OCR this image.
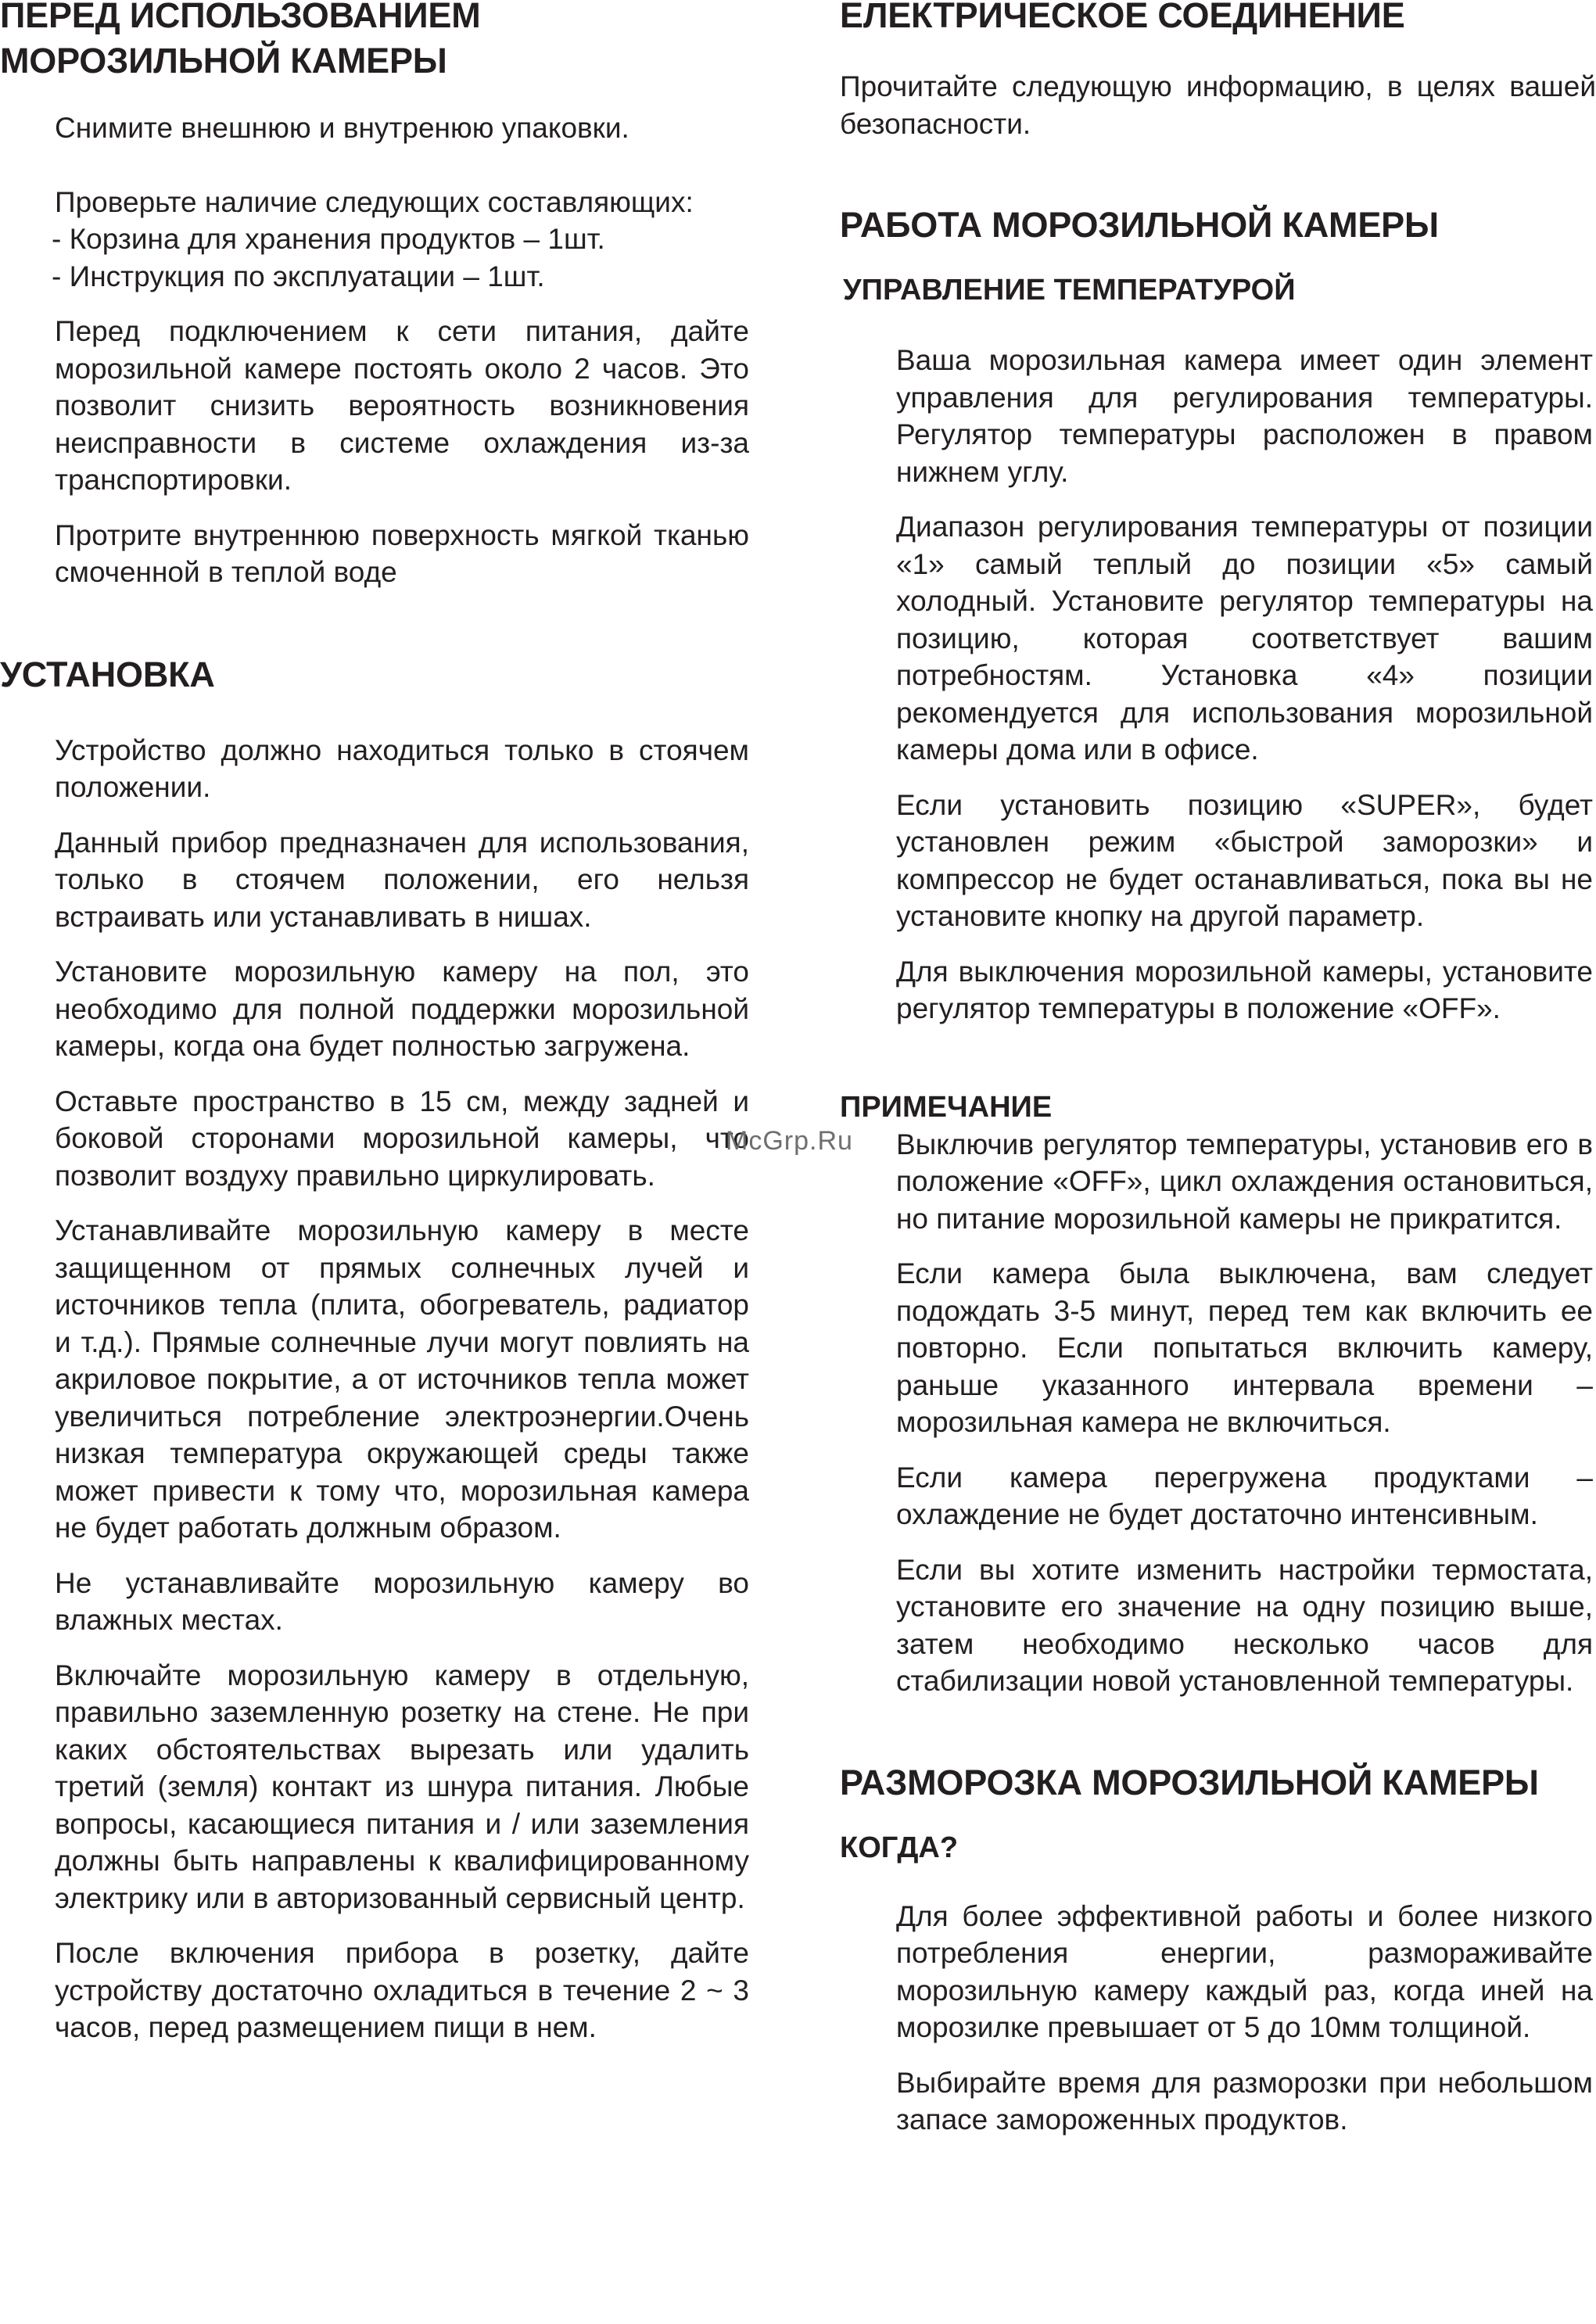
ПЕРЕД ИСПОЛЬЗОВАНИЕМ
МОРОЗИЛЬНОЙ КАМЕРЫ

Снимите внешнюю и внутренюю упаковки.

Проверьте наличие следующих составляющих:

- Корзина для хранения продуктов – 1шт.

- Инструкция по эксплуатации – 1шт.

Перед подключением к сети питания, дайте морозильной камере постоять около 2 часов. Это позволит снизить вероятность возникновения неисправности в системе охлаждения из-за транспортировки.

Протрите внутреннюю поверхность мягкой тканью смоченной в теплой воде

УСТАНОВКА

Устройство должно находиться только в стоячем положении.

Данный прибор предназначен для использования, только в стоячем положении, его нельзя встраивать или устанавливать в нишах.

Установите морозильную камеру на пол, это необходимо для полной поддержки морозильной камеры, когда она будет полностью загружена.

Оставьте пространство в 15 см, между задней и боковой сторонами морозильной камеры, что позволит воздуху правильно циркулировать.

Устанавливайте морозильную камеру в месте защищенном от прямых солнечных лучей и источников тепла (плита, обогреватель, радиатор и т.д.). Прямые солнечные лучи могут повлиять на акриловое покрытие, а от источников тепла может увеличиться потребление электроэнергии.Очень низкая температура окружающей среды также может привести к тому что, морозильная камера не будет работать должным образом.

Не устанавливайте морозильную камеру во влажных местах.

Включайте морозильную камеру в отдельную, правильно заземленную розетку на стене. Не при каких обстоятельствах вырезать или удалить третий (земля) контакт из шнура питания. Любые вопросы, касающиеся питания и / или заземления должны быть направлены к квалифицированному электрику или в авторизованный сервисный центр.

После включения прибора в розетку, дайте устройству достаточно охладиться в течение 2 ~ 3 часов, перед размещением пищи в нем.

ЕЛЕКТРИЧЕСКОЕ СОЕДИНЕНИЕ

Прочитайте следующую информацию, в целях вашей безопасности.

РАБОТА МОРОЗИЛЬНОЙ КАМЕРЫ
УПРАВЛЕНИЕ ТЕМПЕРАТУРОЙ

Ваша морозильная камера имеет один элемент управления для регулирования температуры. Регулятор температуры расположен в правом нижнем углу.

Диапазон регулирования температуры от позиции «1» самый теплый до позиции «5» самый холодный. Установите регулятор температуры на позицию, которая соответствует вашим потребностям. Установка «4» позиции рекомендуется для использования морозильной камеры дома или в офисе.

Если установить позицию «SUPER», будет установлен режим «быстрой заморозки» и компрессор не будет останавливаться, пока вы не установите кнопку на другой параметр.

Для выключения морозильной камеры, установите регулятор температуры в положение «OFF».

ПРИМЕЧАНИЕ

Выключив регулятор температуры, установив его в положение «OFF», цикл охлаждения остановиться, но питание морозильной камеры не прикратится.

Если камера была выключена, вам следует подождать 3-5 минут, перед тем как включить ее повторно. Если попытаться включить камеру, раньше указанного интервала времени – морозильная камера не включиться.

Если камера перегружена продуктами – охлаждение не будет достаточно интенсивным.

Если вы хотите изменить настройки термостата, установите его значение на одну позицию выше, затем необходимо несколько часов для стабилизации новой установленной температуры.

РАЗМОРОЗКА МОРОЗИЛЬНОЙ КАМЕРЫ
КОГДА?

Для более эффективной работы и более низкого потребления енергии, размораживайте морозильную камеру каждый раз, когда иней на морозилке превышает от 5 до 10мм толщиной.

Выбирайте время для разморозки при небольшом запасе замороженных продуктов.

McGrp.Ru
